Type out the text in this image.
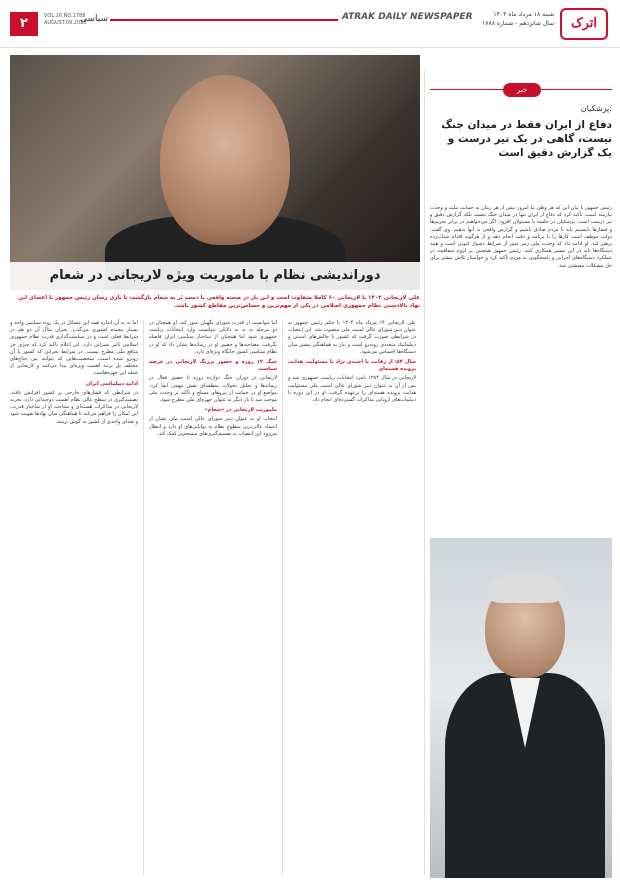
۲	VOL.16 NO.1788
AUGUST.09.2025
سیاسی	ATRAK DAILY NEWSPAPER	شنبه ۱۸ مرداد ماه ۱۴۰۴
سال شانزدهم - شماره ۱۷۸۸	اترک
دوراندیشی نظام با ماموریت ویژه لاریجانی در شعام
علی لاریجانی ۱۴۰۴ با لاریجانی ۶۰ کاملا متفاوت است و این بار در صحنه واقعی با دست پُر به شعام بازگشت تا بازی رسان رئیس جمهور با اعضای این نهاد بالادستی نظام جمهوری اسلامی در یکی از مهم‌ترین و حساس‌ترین مقاطع کشور باشد.
اما نه به آن اندازه همه این مسائل در یک روند سیاسی واحد و بسیار پیچیده کشوری می‌گذرد. بحران مثال آن دو هم در شرایط فعلی است و در سیاست‌گذاری قدرت نظام جمهوری اسلامی تاثیر بسزایی دارد. این اعلام تاکید کرد که چیزی جز منافع ملی مطرح نیست. در شرایط بحرانی که کشور با آن روبرو شده است، شخصیت‌هایی که بتوانند بین جناح‌های مختلف پل بزنند اهمیت ویژه‌ای پیدا می‌کنند و لاریجانی از جمله این چهره‌هاست.
ادامه دیپلماسی ایران
در شرایطی که فشارهای خارجی بر کشور افزایش یافته، تصمیم‌گیری در سطح عالی نظام اهمیت دوچندانی دارد. تجربه لاریجانی در مذاکرات هسته‌ای و شناخت او از ساختار قدرت، این امکان را فراهم می‌کند تا هماهنگی میان نهادها تقویت شود و صدای واحدی از کشور به گوش برسد.
اما نتوانست از قدرت شورای نگهبان عبور کند. او همچنان در دو مرحله به نه به دلایلی نتوانست وارد انتخابات ریاست جمهوری شود اما همچنان از ساختار سیاسی ایران فاصله نگرفت. مصاحبه‌ها و حضور او در رسانه‌ها نشان داد که او در نظام سیاسی کشور جایگاه ویژه‌ای دارد.
چنگ ۱۲ روزه و حضور پررنگ لاریجانی در عرصه سیاست
لاریجانی در دوران جنگ دوازده روزه با حضور فعال در رسانه‌ها و تحلیل تحولات منطقه‌ای نقش مهمی ایفا کرد. مواضع او در حمایت از نیروهای مسلح و تأکید بر وحدت ملی موجب شد تا بار دیگر به عنوان چهره‌ای ملی مطرح شود.
ماموریت لاریجانی در «شعام»
انتخاب او به عنوان دبیر شورای عالی امنیت ملی نشان از اعتماد عالی‌ترین سطوح نظام به توانایی‌های او دارد و انتظار می‌رود این انتصاب به تصمیم‌گیری‌های منسجم‌تر کمک کند.
علی لاریجانی ۱۴ مرداد ماه ۱۴۰۴ با حکم رئیس جمهور به عنوان دبیر شورای عالی امنیت ملی منصوب شد. این انتصاب در شرایطی صورت گرفت که کشور با چالش‌های امنیتی و دیپلماتیک متعددی روبه‌رو است و نیاز به هماهنگی بیشتر میان دستگاه‌ها احساس می‌شود.
سال ۸۴: از رقابت با احمدی نژاد تا مسئولیت هدایت پرونده هسته‌ای
لاریجانی در سال ۱۳۸۴ نامزد انتخابات ریاست جمهوری شد و پس از آن به عنوان دبیر شورای عالی امنیت ملی مسئولیت هدایت پرونده هسته‌ای را برعهده گرفت. او در این دوره با دیپلمات‌های اروپایی مذاکرات گسترده‌ای انجام داد.
خبر
پزشکیان:
دفاع از ایران فقط در میدان جنگ نیست، گاهی در یک تیر درست و یک گزارش دقیق است
رئیس جمهور با بیان این که هر وطن ما امروز بیش از هر زمان به حمایت ملت و وحدت نیازمند است، تأکید کرد که دفاع از ایران تنها در میدان جنگ نیست بلکه گزارش دقیق و تیر درست است. پزشکیان در جلسه با مسئولان افزود: اگر می‌خواهیم در برابر تحریم‌ها و فشارها بایستیم باید با مردم صادق باشیم و گزارش واقعی به آنها بدهیم. وی گفت: دولت موظف است کارها را با برنامه و دقت انجام دهد و از هرگونه اقدام شتاب‌زده پرهیز کند. او ادامه داد که وحدت ملی رمز عبور از شرایط دشوار کنونی است و همه دستگاه‌ها باید در این مسیر همکاری کنند. رئیس جمهور همچنین بر لزوم شفافیت در عملکرد دستگاه‌های اجرایی و پاسخگویی به مردم تأکید کرد و خواستار تلاش بیشتر برای حل مشکلات معیشتی شد.
